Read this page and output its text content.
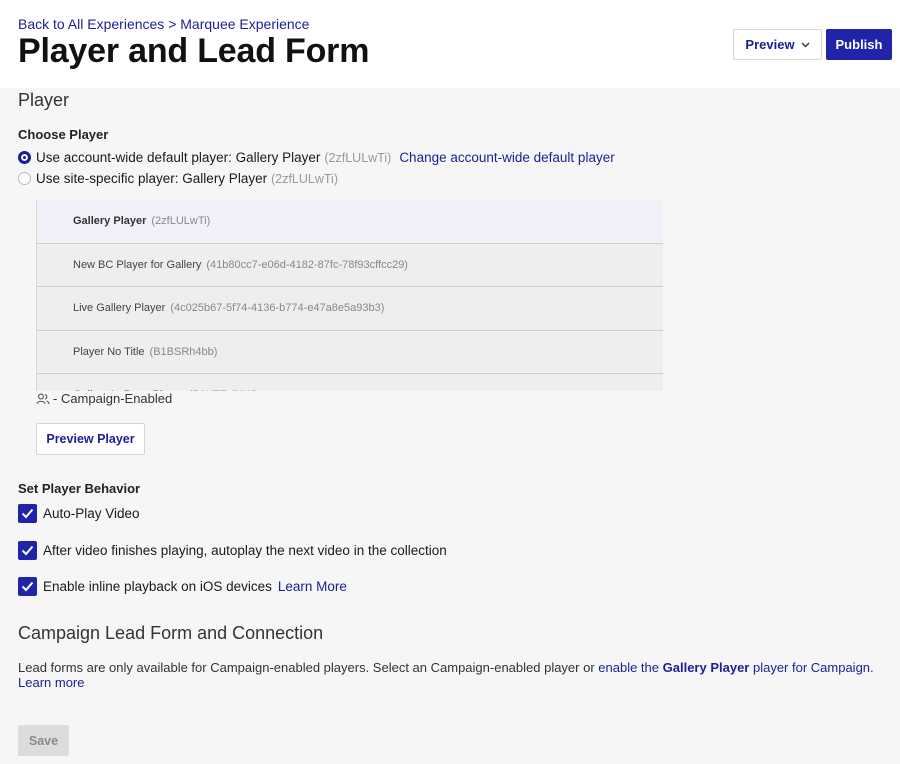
Back to All Experiences > Marquee Experience
Player and Lead Form	Preview	Publish
Player
Choose Player
Use account-wide default player: Gallery Player (2zfLULwTi) Change account-wide default player
Use site-specific player: Gallery Player (2zfLULwTi)
Gallery Player (2zfLULwTi)
New BC Player for Gallery (41b80cc7-e06d-4182-87fc-78f93cffcc29)
Live Gallery Player (4c025b67-5f74-4136-b774-e47a8e5a93b3)
Player No Title (B1BSRh4bb)
- Campaign-Enabled
Preview Player
Set Player Behavior
Auto-Play Video
After video finishes playing, autoplay the next video in the collection
Enable inline playback on iOS devices Learn More
Campaign Lead Form and Connection
Lead forms are only available for Campaign-enabled players. Select an Campaign-enabled player or enable the Gallery Player player for Campaign. Learn more
Save
